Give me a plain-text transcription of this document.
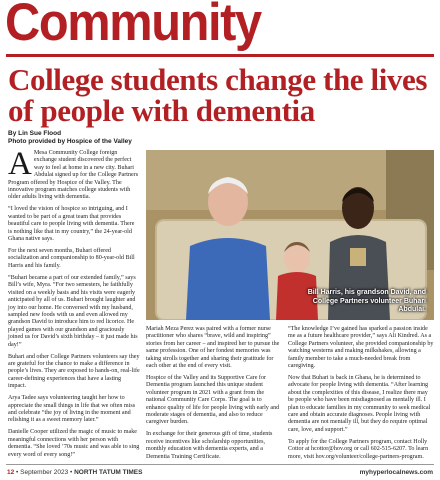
Community
College students change the lives of people with dementia
By Lin Sue Flood
Photo provided by Hospice of the Valley

A Mesa Community College foreign exchange student discovered the perfect way to feel at home in a new city. Buhari Abdulai signed up for the College Partners Program offered by Hospice of the Valley. The innovative program matches college students with older adults living with dementia.

“I loved the vision of hospice so intriguing, and I wanted to be part of a great team that provides beautiful care to people living with dementia. There is nothing like that in my country,” the 24-year-old Ghana native says.

For the next seven months, Buhari offered socialization and companionship to 80-year-old Bill Harris and his family.

“Buhari became a part of our extended family,” says Bill’s wife, Myra. “For two semesters, he faithfully visited on a weekly basis and his visits were eagerly anticipated by all of us. Buhari brought laughter and joy into our home. He conversed with my husband, sampled new foods with us and even allowed my grandson David to introduce him to red licorice. He played games with our grandson and graciously joined us for David’s sixth birthday – it just made his day!”

Buhari and other College Partners volunteers say they are grateful for the chance to make a difference in people’s lives. They are exposed to hands-on, real-life career-defining experiences that have a lasting impact.

Arya Tadee says volunteering taught her how to appreciate the small things in life that we often miss and celebrate “the joy of living in the moment and relishing it as a sweet memory later.”

Danielle Cooper utilized the magic of music to make meaningful connections with her person with dementia. “She loved ’70s music and was able to sing every word of every song!”

Bill Harris, his grandson David, and College Partners volunteer Buhari Abdulai.

Mariah Meza Perez was paired with a former nurse practitioner who shares “brave, wild and inspiring” stories from her career – and inspired her to pursue the same profession. One of her fondest memories was taking strolls together and sharing their gratitude for each other at the end of every visit.

Hospice of the Valley and its Supportive Care for Dementia program launched this unique student volunteer program in 2021 with a grant from the national Community Care Corps. The goal is to enhance quality of life for people living with early and moderate stages of dementia, and also to reduce caregiver burden.

In exchange for their generous gift of time, students receive incentives like scholarship opportunities, monthly education with dementia experts, and a Dementia Training Certificate.

“The knowledge I’ve gained has sparked a passion inside me as a future healthcare provider,” says Ali Kindred. As a College Partners volunteer, she provided companionship by watching westerns and making milkshakes, allowing a family member to take a much-needed break from caregiving.

Now that Buhari is back in Ghana, he is determined to advocate for people living with dementia. “After learning about the complexities of this disease, I realize there may be people who have been misdiagnosed as mentally ill. I plan to educate families in my community to seek medical care and obtain accurate diagnoses. People living with dementia are not mentally ill, but they do require optimal care, love, and support.”

To apply for the College Partners program, contact Holly Cottor at hcottor@hov.org or call 602-515-6207. To learn more, visit hov.org/volunteer/college-partners-program.

12 • September 2023 • NORTH TATUM TIMES	myhyperlocalnews.com
